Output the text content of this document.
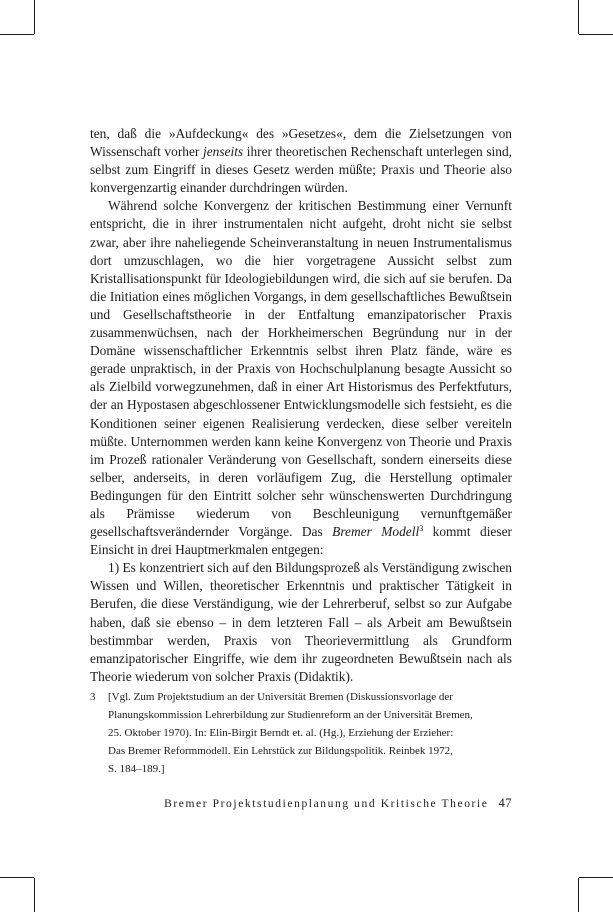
ten, daß die »Aufdeckung« des »Gesetzes«, dem die Zielsetzungen von Wissenschaft vorher jenseits ihrer theoretischen Rechenschaft unterlegen sind, selbst zum Eingriff in dieses Gesetz werden müßte; Praxis und Theorie also konvergenzartig einander durchdringen würden.

Während solche Konvergenz der kritischen Bestimmung einer Vernunft entspricht, die in ihrer instrumentalen nicht aufgeht, droht nicht sie selbst zwar, aber ihre naheliegende Scheinveranstaltung in neuen Instrumentalismus dort umzuschlagen, wo die hier vorgetragene Aussicht selbst zum Kristallisationspunkt für Ideologiebildungen wird, die sich auf sie berufen. Da die Initiation eines möglichen Vorgangs, in dem gesellschaftliches Bewußtsein und Gesellschaftstheorie in der Entfaltung emanzipatorischer Praxis zusammenwüchsen, nach der Horkheimerschen Begründung nur in der Domäne wissenschaftlicher Erkenntnis selbst ihren Platz fände, wäre es gerade unpraktisch, in der Praxis von Hochschulplanung besagte Aussicht so als Zielbild vorwegzunehmen, daß in einer Art Historismus des Perfektfuturs, der an Hypostasen abgeschlossener Entwicklungsmodelle sich festsieht, es die Konditionen seiner eigenen Realisierung verdecken, diese selber vereiteln müßte. Unternommen werden kann keine Konvergenz von Theorie und Praxis im Prozeß rationaler Veränderung von Gesellschaft, sondern einerseits diese selber, anderseits, in deren vorläufigem Zug, die Herstellung optimaler Bedingungen für den Eintritt solcher sehr wünschenswerten Durchdringung als Prämisse wiederum von Beschleunigung vernunftgemäßer gesellschaftsverändernder Vorgänge. Das Bremer Modell$^3$ kommt dieser Einsicht in drei Hauptmerkmalen entgegen:

1) Es konzentriert sich auf den Bildungsprozeß als Verständigung zwischen Wissen und Willen, theoretischer Erkenntnis und praktischer Tätigkeit in Berufen, die diese Verständigung, wie der Lehrerberuf, selbst so zur Aufgabe haben, daß sie ebenso – in dem letzteren Fall – als Arbeit am Bewußtsein bestimmbar werden, Praxis von Theorievermittlung als Grundform emanzipatorischer Eingriffe, wie dem ihr zugeordneten Bewußtsein nach als Theorie wiederum von solcher Praxis (Didaktik).

3 [Vgl. Zum Projektstudium an der Universität Bremen (Diskussionsvorlage der
Planungskommission Lehrerbildung zur Studienreform an der Universität Bremen,
25. Oktober 1970). In: Elin-Birgit Berndt et. al. (Hg.), Erziehung der Erzieher:
Das Bremer Reformmodell. Ein Lehrstück zur Bildungspolitik. Reinbek 1972,
S. 184–189.]
Bremer Projektstudienplanung und Kritische Theorie 47
